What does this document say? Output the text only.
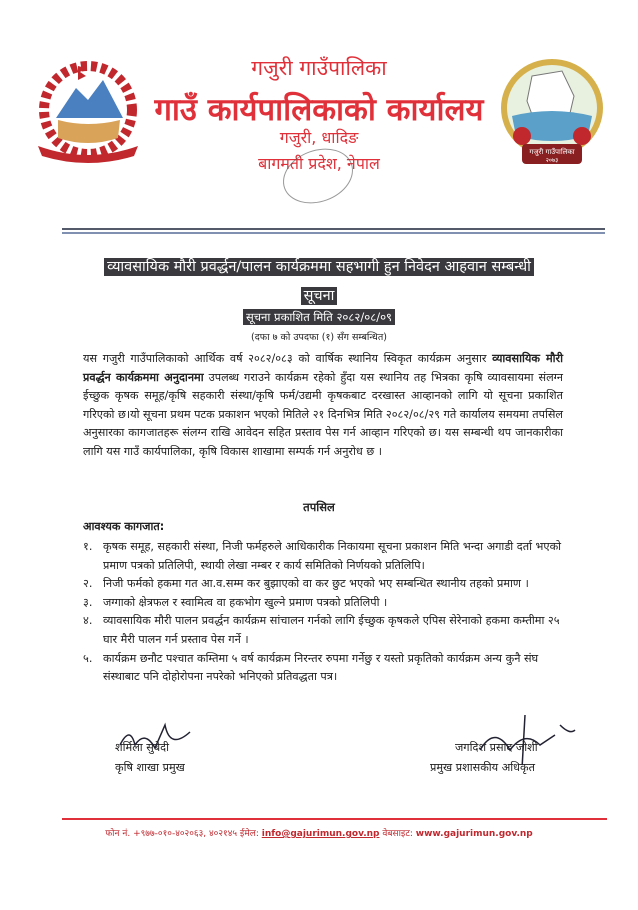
गजुरी गाउँपालिका
२०७३
गजुरी गाउँपालिका
गाउँ कार्यपालिकाको कार्यालय
गजुरी, धादिङ
बागमती प्रदेश, नेपाल
व्यावसायिक मौरी प्रवर्द्धन/पालन कार्यक्रममा सहभागी हुन निवेदन आहवान सम्बन्धी
सूचना
सूचना प्रकाशित मिति २०८२/०८/०९
(दफा ७ को उपदफा (१) सँग सम्बन्धित)
यस गजुरी गाउँपालिकाको आर्थिक वर्ष २०८२/०८३ को वार्षिक स्थानिय स्विकृत कार्यक्रम अनुसार व्यावसायिक मौरी प्रवर्द्धन कार्यक्रममा अनुदानमा उपलब्ध गराउने कार्यक्रम रहेको हुँदा यस स्थानिय तह भित्रका कृषि व्यावसायमा संलग्न ईच्छुक कृषक समूह/कृषि सहकारी संस्था/कृषि फर्म/उद्यमी कृषकबाट दरखास्त आव्हानको लागि यो सूचना प्रकाशित गरिएको छ।यो सूचना प्रथम पटक प्रकाशन भएको मितिले २१ दिनभित्र मिति २०८२/०८/२९ गते कार्यालय समयमा तपसिल अनुसारका कागजातहरू संलग्न राखि आवेदन सहित प्रस्ताव पेस गर्न आव्हान गरिएको छ। यस सम्बन्धी थप जानकारीका लागि यस गाउँ कार्यपालिका, कृषि विकास शाखामा सम्पर्क गर्न अनुरोध छ ।
तपसिल
आवश्यक कागजात:
१. कृषक समूह, सहकारी संस्था, निजी फर्महरुले आधिकारीक निकायमा सूचना प्रकाशन मिति भन्दा अगाडी दर्ता भएको प्रमाण पत्रको प्रतिलिपी, स्थायी लेखा नम्बर र कार्य समितिको निर्णयको प्रतिलिपि।
२. निजी फर्मको हकमा गत आ.व.सम्म कर बुझाएको वा कर छुट भएको भए सम्बन्धित स्थानीय तहको प्रमाण ।
३. जग्गाको क्षेत्रफल र स्वामित्व वा हकभोग खुल्ने प्रमाण पत्रको प्रतिलिपी ।
४. व्यावसायिक मौरी पालन प्रवर्द्धन कार्यक्रम सांचालन गर्नको लागि ईच्छुक कृषकले एपिस सेरेनाको हकमा कम्तीमा २५ घार मैरी पालन गर्न प्रस्ताव पेस गर्ने ।
५. कार्यक्रम छनौट पश्चात कम्तिमा ५ वर्ष कार्यक्रम निरन्तर रुपमा गर्नेछु र यस्तो प्रकृतिको कार्यक्रम अन्य कुनै संघ संस्थाबाट पनि दोहोरोपना नपरेको भनिएको प्रतिवद्धता पत्र।
शर्मिला सुबेदी
कृषि शाखा प्रमुख
जगदिश प्रसाद जोशी
प्रमुख प्रशासकीय अधिकृत
फोन नं. +९७७-०१०-४०२०६३, ४०२१४५ ईमेल: info@gajurimun.gov.np वेबसाइट: www.gajurimun.gov.np
